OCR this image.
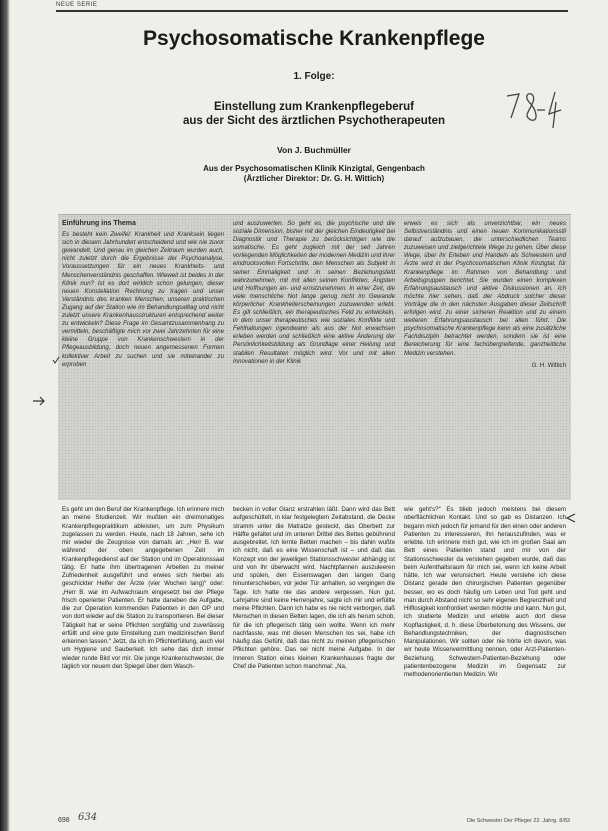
NEUE SERIE
Psychosomatische Krankenpflege
1. Folge:
Einstellung zum Krankenpflegeberuf
aus der Sicht des ärztlichen Psychotherapeuten
Von J. Buchmüller
Aus der Psychosomatischen Klinik Kinzigtal, Gengenbach
(Ärztlicher Direktor: Dr. G. H. Wittich)
Einführung ins Thema

Es besteht kein Zweifel: Krankheit und Kranksein liegen sich in diesem Jahrhundert entscheidend und wie nie zuvor gewandelt. Und genau im gleichen Zeitraum wurden auch, nicht zuletzt durch die Ergebnisse der Psychoanalyse, Voraussetzungen für ein neues Krankheits- und Menschenverständnis geschaffen. Wieweit ist beides in der Klinik nun? Ist es dort wirklich schon gelungen, dieser neuen Konstellation Rechnung zu tragen und unser Verständnis des kranken Menschen, unseren praktischen Zugang auf der Station wie im Behandlungsalltag und nicht zuletzt unsere Krankenhausstrukturen entsprechend weiter zu entwickeln? Diese Frage im Gesamtzusammenhang zu vermitteln, beschäftigte mich vor zwei Jahrzehnten für eine kleine Gruppe von Krankenschwestern in der Pflegeausbildung, doch neuen angemessenen Formen kollektiver Arbeit zu suchen und sie miteinander zu erproben

und auszuwerten. So geht es, die psychische und die soziale Dimension, bisher mit der gleichen Eindeutigkeit bei Diagnostik und Therapie zu berücksichtigen wie die somatische. Es geht zugleich mit der seit Jahren vorliegenden Möglichkeiten der modernen Medizin und ihrer eindrucksvollen Fortschritte, den Menschen als Subjekt in seiner Einmaligkeit und in seinen Beziehungsfeld wahrzunehmen, mit mit allen seinen Konflikten, Ängsten und Hoffnungen an- und ernstzunehmen. In einer Zeit, die viele menschliche Not lange genug nicht im Gewande körperlicher Krankheiterscheinungen zuzuwenden erlebt. Es gilt schließlich, ein therapeutisches Feld zu entwickeln, in dem unser therapeutisches wie soziales Konflikte und Fehlhaltungen irgendwann als aus der Not erwachsen erleben werden und schließlich eine aktive Änderung der Persönlichkeitsbildung als Grundlage einer Heilung und stabilen Resultaten möglich wird. Vor und mit allen Innovationen in der Klinik

erweis es sich als unverzichtbar, ein neues Selbstverständnis und einen neuen Kommunikationsstil darauf aufzubauen, die unterschiedlichen Teams zuzuweisen und zielgerichtete Wege zu gehen. Über diese Wege, über ihr Erleben und Handeln als Schwestern und Ärzte wird in der Psychosomatischen Klinik Kinzigtal, für Krankenpflege im Rahmen von Behandlung und Arbeitsgruppen berichtet. Sie wurden einen komplexen Erfahrungsaustausch und aktive Diskussionen an. Ich möchte hier sehen, daß der Abdruck solcher dieser Vorträge die in den nächsten Ausgaben dieser Zeitschrift erfolgen wird, zu einer sicheren Reaktion und zu einem weiteren Erfahrungsaustausch bei allen führt. Die psychosomatische Krankenpflege kann als eine zusätzliche Fachdisziplin betrachtet werden, sondern sie ist eine Bereicherung für eine fachübergreifende, ganzheitliche Medizin verstehen.

G. H. Wittich

Es geht um den Beruf der Krankenpflege. Ich erinnere mich an meine Studienzeit. Wir mußten ein dreimonatiges Krankenpflegepraktikum ableisten, um zum Physikum zugelassen zu werden. Heute, nach 18 Jahren, sehe ich mir wieder die Zeugnisse von damals an: „Herr B. war während der oben angegebenen Zeit im Krankenpflegedienst auf der Station und im Operationssaal tätig. Er hatte ihm übertragenen Arbeiten zu meiner Zufriedenheit ausgeführt und erwies sich hierbei als geschickter Helfer der Ärzte (vier Wochen lang)“ oder: „Herr B. war im Aufwachraum eingesetzt bei der Pflege frisch operierter Patienten. Er hatte daneben die Aufgabe, die zur Operation kommenden Patienten in den OP und von dort wieder auf die Station zu transportieren. Bei dieser Tätigkeit hat er seine Pflichten sorgfältig und zuverlässig erfüllt und eine gute Einstellung zum medizinischen Beruf erkennen lassen.“ Jetzt, da ich im Pflichterfüllung, auch viel um Hygiene und Sauberkeit. Ich sehe das dich immer wieder runde Bild vor mir. Die junge Krankenschwester, die täglich vor neuem den Spiegel über dem Wasch-

becken in voller Glanz erstrahlen läßt. Dann wird das Bett aufgeschüttelt, in klar festgelegtem Zeitabstand, die Decke stramm unter die Matratze gesteckt, das Oberbett zur Hälfte gefaltet und im unteren Drittel des Bettes gebührend ausgebreitet. Ich lernte Betten machen – bis dahin wußte ich nicht, daß es eine Wissenschaft ist – und daß das Konzept von der jeweiligen Stationsschwester abhängig ist und von ihr überwacht wird. Nachtpfannen auszuleeren und spülen, den Essenswagen den langen Gang hinunterschieben, vor jeder Tür anhalten, so vergingen die Tage. Ich hatte nie das andere vergessen. Nun gut, Lehrjahre sind keine Herrenjahre, sagte ich mir und erfüllte meine Pflichten. Dann ich habe es nie nicht verborgen, daß Menschen in diesen Betten lagen, die ich als herum schob, für die ich pflegerisch tätig sein wollte. Wenn ich mehr nachfasste, was mit diesen Menschen los sei, habe ich häufig das Gefühl, daß das nicht zu meinen pflegerischen Pflichten gehöre. Das sei nicht meine Aufgabe. In der Inneren Station eines kleinen Krankenhauses fragte der Chef die Patienten schon manchmal: „Na,

wie geht's?“ Es blieb jedoch meistens bei diesem oberflächlichen Kontakt. Und so gab es Distanzen. Ich begann mich jedoch für jemand für den einen oder anderen Patienten zu interessieren, ihn herauszufinden, was er erlebte. Ich erinnere mich gut, wie ich im großen Saal am Bett eines Patienten stand und mir von der Stationsschwester da verstehen gegeben wurde, daß das beim Aufenthaltsraum für mich sei, wenn ich keine Arbeit hätte. Ich war verunsichert. Heute verstehe ich diese Distanz gerade den chirurgischen Patienten gegenüber besser, wo es doch häufig um Leben und Tod geht und man durch Abstand nicht so sehr eigenen Begrenztheit und Hilflosigkeit konfrontiert werden möchte und kann. Nun gut, ich studierte Medizin und erlebte auch dort diese Kopflastigkeit, d. h. diese Überbetonung des Wissens, der Behandlungstechniken, der diagnostischen Manipulationen. Wir sollten oder nie hörte ich davon, was wir heute Wissenvermittlung nennen, oder Arzt-Patienten-Beziehung, Schwestern-Patienten-Beziehung oder patientenbezogene Medizin im Gegensatz zur methodenorientierten Medizin. Wir

698 634	Die Schwester Der Pfleger 22. Jahrg. 8/83
